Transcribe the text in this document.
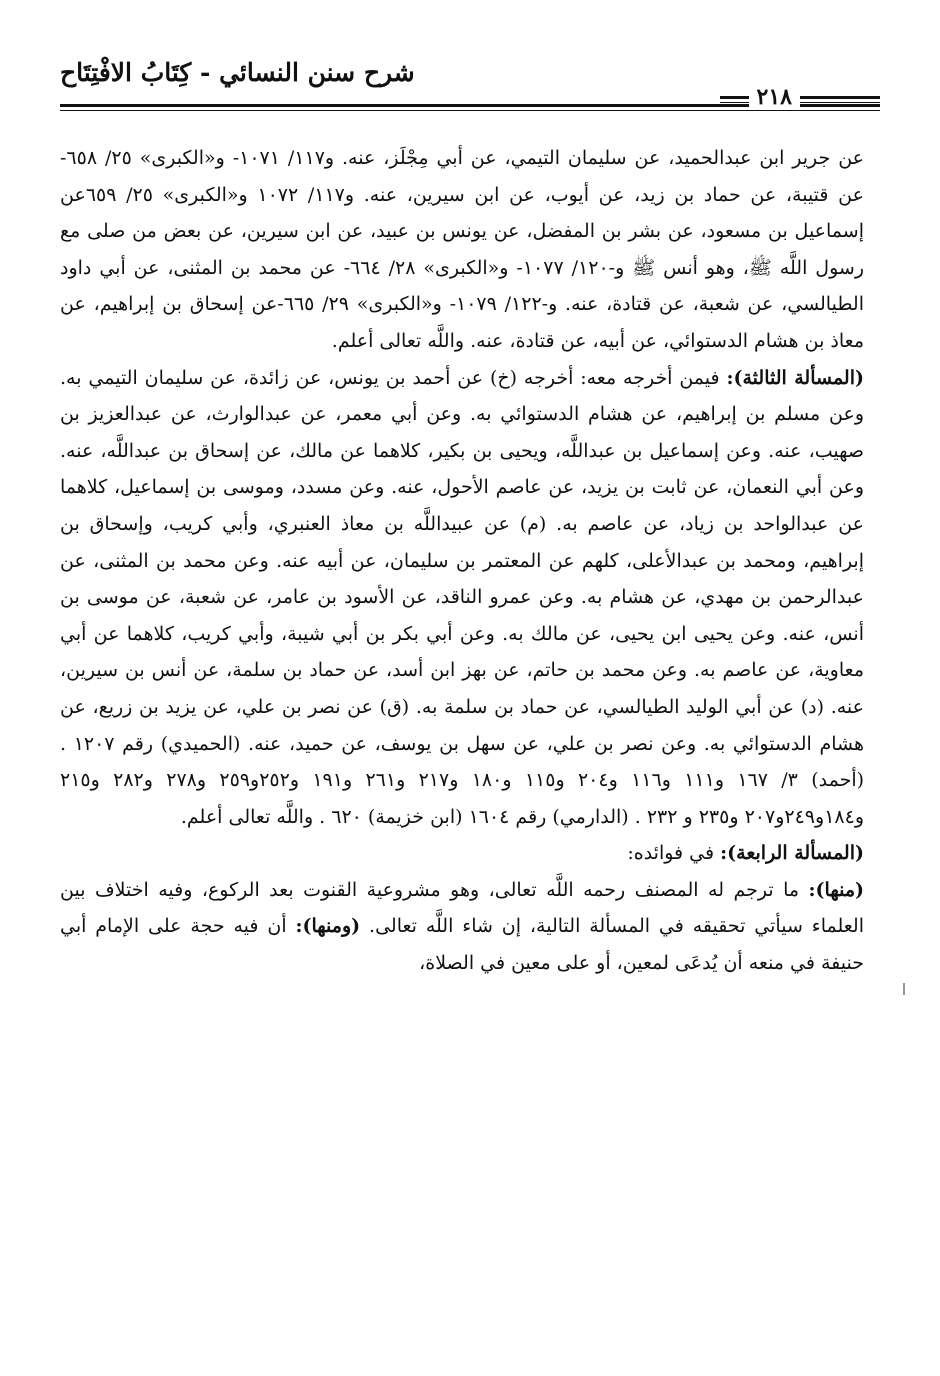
شرح سنن النسائي - كِتَابُ الافْتِتَاح
٢١٨

عن جرير ابن عبدالحميد، عن سليمان التيمي، عن أبي مِجْلَز، عنه. و١١٧/ ١٠٧١- و«الكبرى» ٢٥/ ٦٥٨- عن قتيبة، عن حماد بن زيد، عن أيوب، عن ابن سيرين، عنه. و١١٧/ ١٠٧٢ و«الكبرى» ٢٥/ ٦٥٩عن إسماعيل بن مسعود، عن بشر بن المفضل، عن يونس بن عبيد، عن ابن سيرين، عن بعض من صلى مع رسول اللَّه ﷺ، وهو أنس ﷺ و-١٢٠/ ١٠٧٧- و«الكبرى» ٢٨/ ٦٦٤- عن محمد بن المثنى، عن أبي داود الطيالسي، عن شعبة، عن قتادة، عنه. و-١٢٢/ ١٠٧٩- و«الكبرى» ٢٩/ ٦٦٥-عن إسحاق بن إبراهيم، عن معاذ بن هشام الدستوائي، عن أبيه، عن قتادة، عنه. واللَّه تعالى أعلم.

(المسألة الثالثة): فيمن أخرجه معه: أخرجه (خ) عن أحمد بن يونس، عن زائدة، عن سليمان التيمي به. وعن مسلم بن إبراهيم، عن هشام الدستوائي به. وعن أبي معمر، عن عبدالوارث، عن عبدالعزيز بن صهيب، عنه. وعن إسماعيل بن عبداللَّه، ويحيى بن بكير، كلاهما عن مالك، عن إسحاق بن عبداللَّه، عنه. وعن أبي النعمان، عن ثابت بن يزيد، عن عاصم الأحول، عنه. وعن مسدد، وموسى بن إسماعيل، كلاهما عن عبدالواحد بن زياد، عن عاصم به. (م) عن عبيداللَّه بن معاذ العنبري، وأبي كريب، وإسحاق بن إبراهيم، ومحمد بن عبدالأعلى، كلهم عن المعتمر بن سليمان، عن أبيه عنه. وعن محمد بن المثنى، عن عبدالرحمن بن مهدي، عن هشام به. وعن عمرو الناقد، عن الأسود بن عامر، عن شعبة، عن موسى بن أنس، عنه. وعن يحيى ابن يحيى، عن مالك به. وعن أبي بكر بن أبي شيبة، وأبي كريب، كلاهما عن أبي معاوية، عن عاصم به. وعن محمد بن حاتم، عن بهز ابن أسد، عن حماد بن سلمة، عن أنس بن سيرين، عنه. (د) عن أبي الوليد الطيالسي، عن حماد بن سلمة به. (ق) عن نصر بن علي، عن يزيد بن زريع، عن هشام الدستوائي به. وعن نصر بن علي، عن سهل بن يوسف، عن حميد، عنه. (الحميدي) رقم ١٢٠٧ . (أحمد) ٣/ ١٦٧ و١١١ و١١٦ و٢٠٤ و١١٥ و١٨٠ و٢١٧ و٢٦١ و١٩١ و٢٥٢و٢٥٩ و٢٧٨ و٢٨٢ و٢١٥ و١٨٤و٢٤٩و٢٠٧ و٢٣٥ و ٢٣٢ . (الدارمي) رقم ١٦٠٤ (ابن خزيمة) ٦٢٠ . واللَّه تعالى أعلم.

(المسألة الرابعة): في فوائده:

(منها): ما ترجم له المصنف رحمه اللَّه تعالى، وهو مشروعية القنوت بعد الركوع، وفيه اختلاف بين العلماء سيأتي تحقيقه في المسألة التالية، إن شاء اللَّه تعالى. (ومنها): أن فيه حجة على الإمام أبي حنيفة في منعه أن يُدعَى لمعين، أو على معين في الصلاة،
